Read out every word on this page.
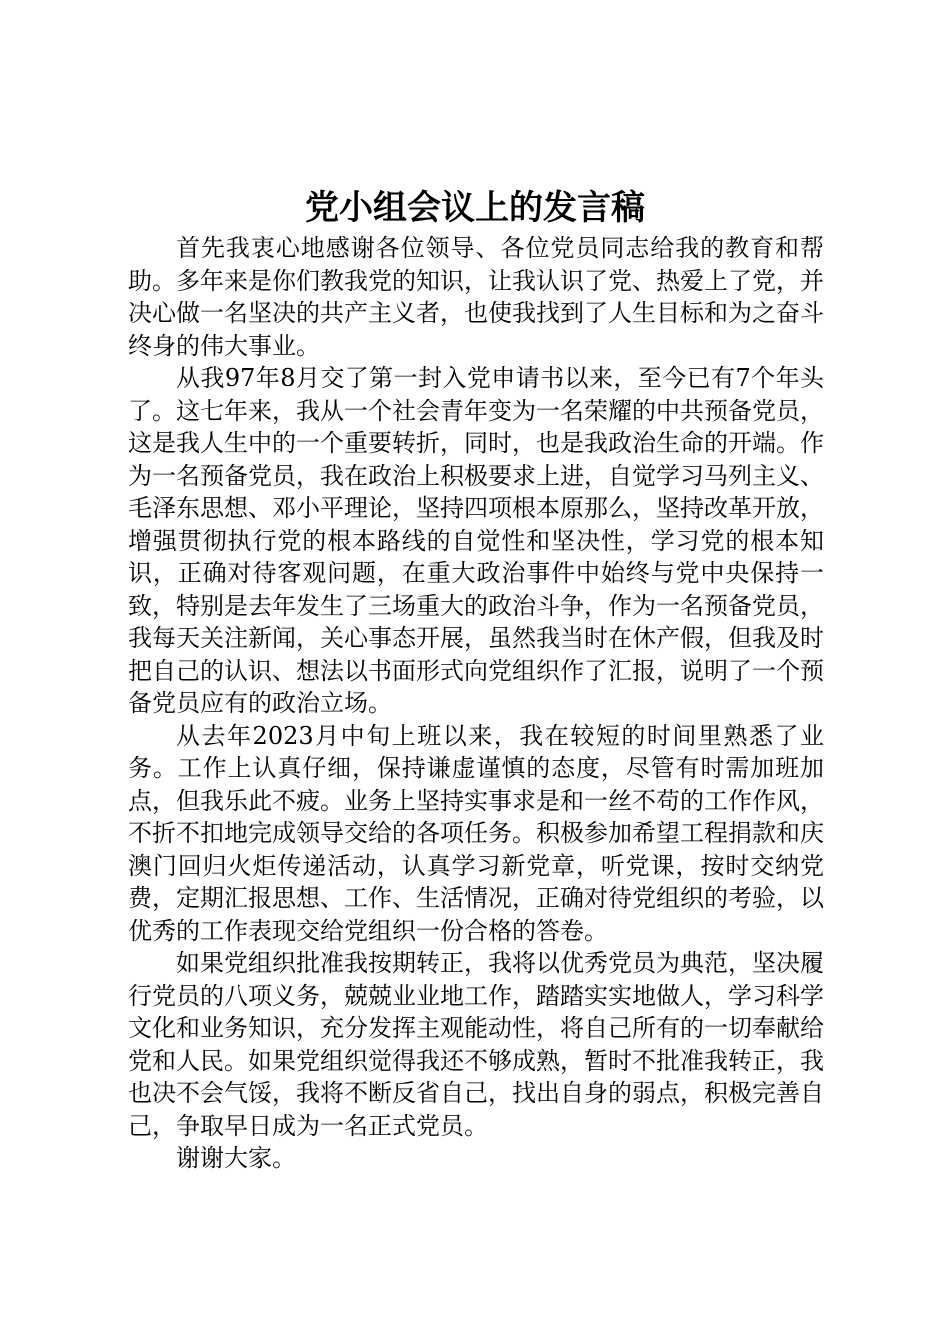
党小组会议上的发言稿

首先我衷心地感谢各位领导、各位党员同志给我的教育和帮助。多年来是你们教我党的知识，让我认识了党、热爱上了党，并决心做一名坚决的共产主义者，也使我找到了人生目标和为之奋斗终身的伟大事业。

从我97年8月交了第一封入党申请书以来，至今已有7个年头了。这七年来，我从一个社会青年变为一名荣耀的中共预备党员，这是我人生中的一个重要转折，同时，也是我政治生命的开端。作为一名预备党员，我在政治上积极要求上进，自觉学习马列主义、毛泽东思想、邓小平理论，坚持四项根本原那么，坚持改革开放，增强贯彻执行党的根本路线的自觉性和坚决性，学习党的根本知识，正确对待客观问题，在重大政治事件中始终与党中央保持一致，特别是去年发生了三场重大的政治斗争，作为一名预备党员，我每天关注新闻，关心事态开展，虽然我当时在休产假，但我及时把自己的认识、想法以书面形式向党组织作了汇报，说明了一个预备党员应有的政治立场。

从去年2023月中旬上班以来，我在较短的时间里熟悉了业务。工作上认真仔细，保持谦虚谨慎的态度，尽管有时需加班加点，但我乐此不疲。业务上坚持实事求是和一丝不苟的工作作风，不折不扣地完成领导交给的各项任务。积极参加希望工程捐款和庆澳门回归火炬传递活动，认真学习新党章，听党课，按时交纳党费，定期汇报思想、工作、生活情况，正确对待党组织的考验，以优秀的工作表现交给党组织一份合格的答卷。

如果党组织批准我按期转正，我将以优秀党员为典范，坚决履行党员的八项义务，兢兢业业地工作，踏踏实实地做人，学习科学文化和业务知识，充分发挥主观能动性，将自己所有的一切奉献给党和人民。如果党组织觉得我还不够成熟，暂时不批准我转正，我也决不会气馁，我将不断反省自己，找出自身的弱点，积极完善自己，争取早日成为一名正式党员。

谢谢大家。
